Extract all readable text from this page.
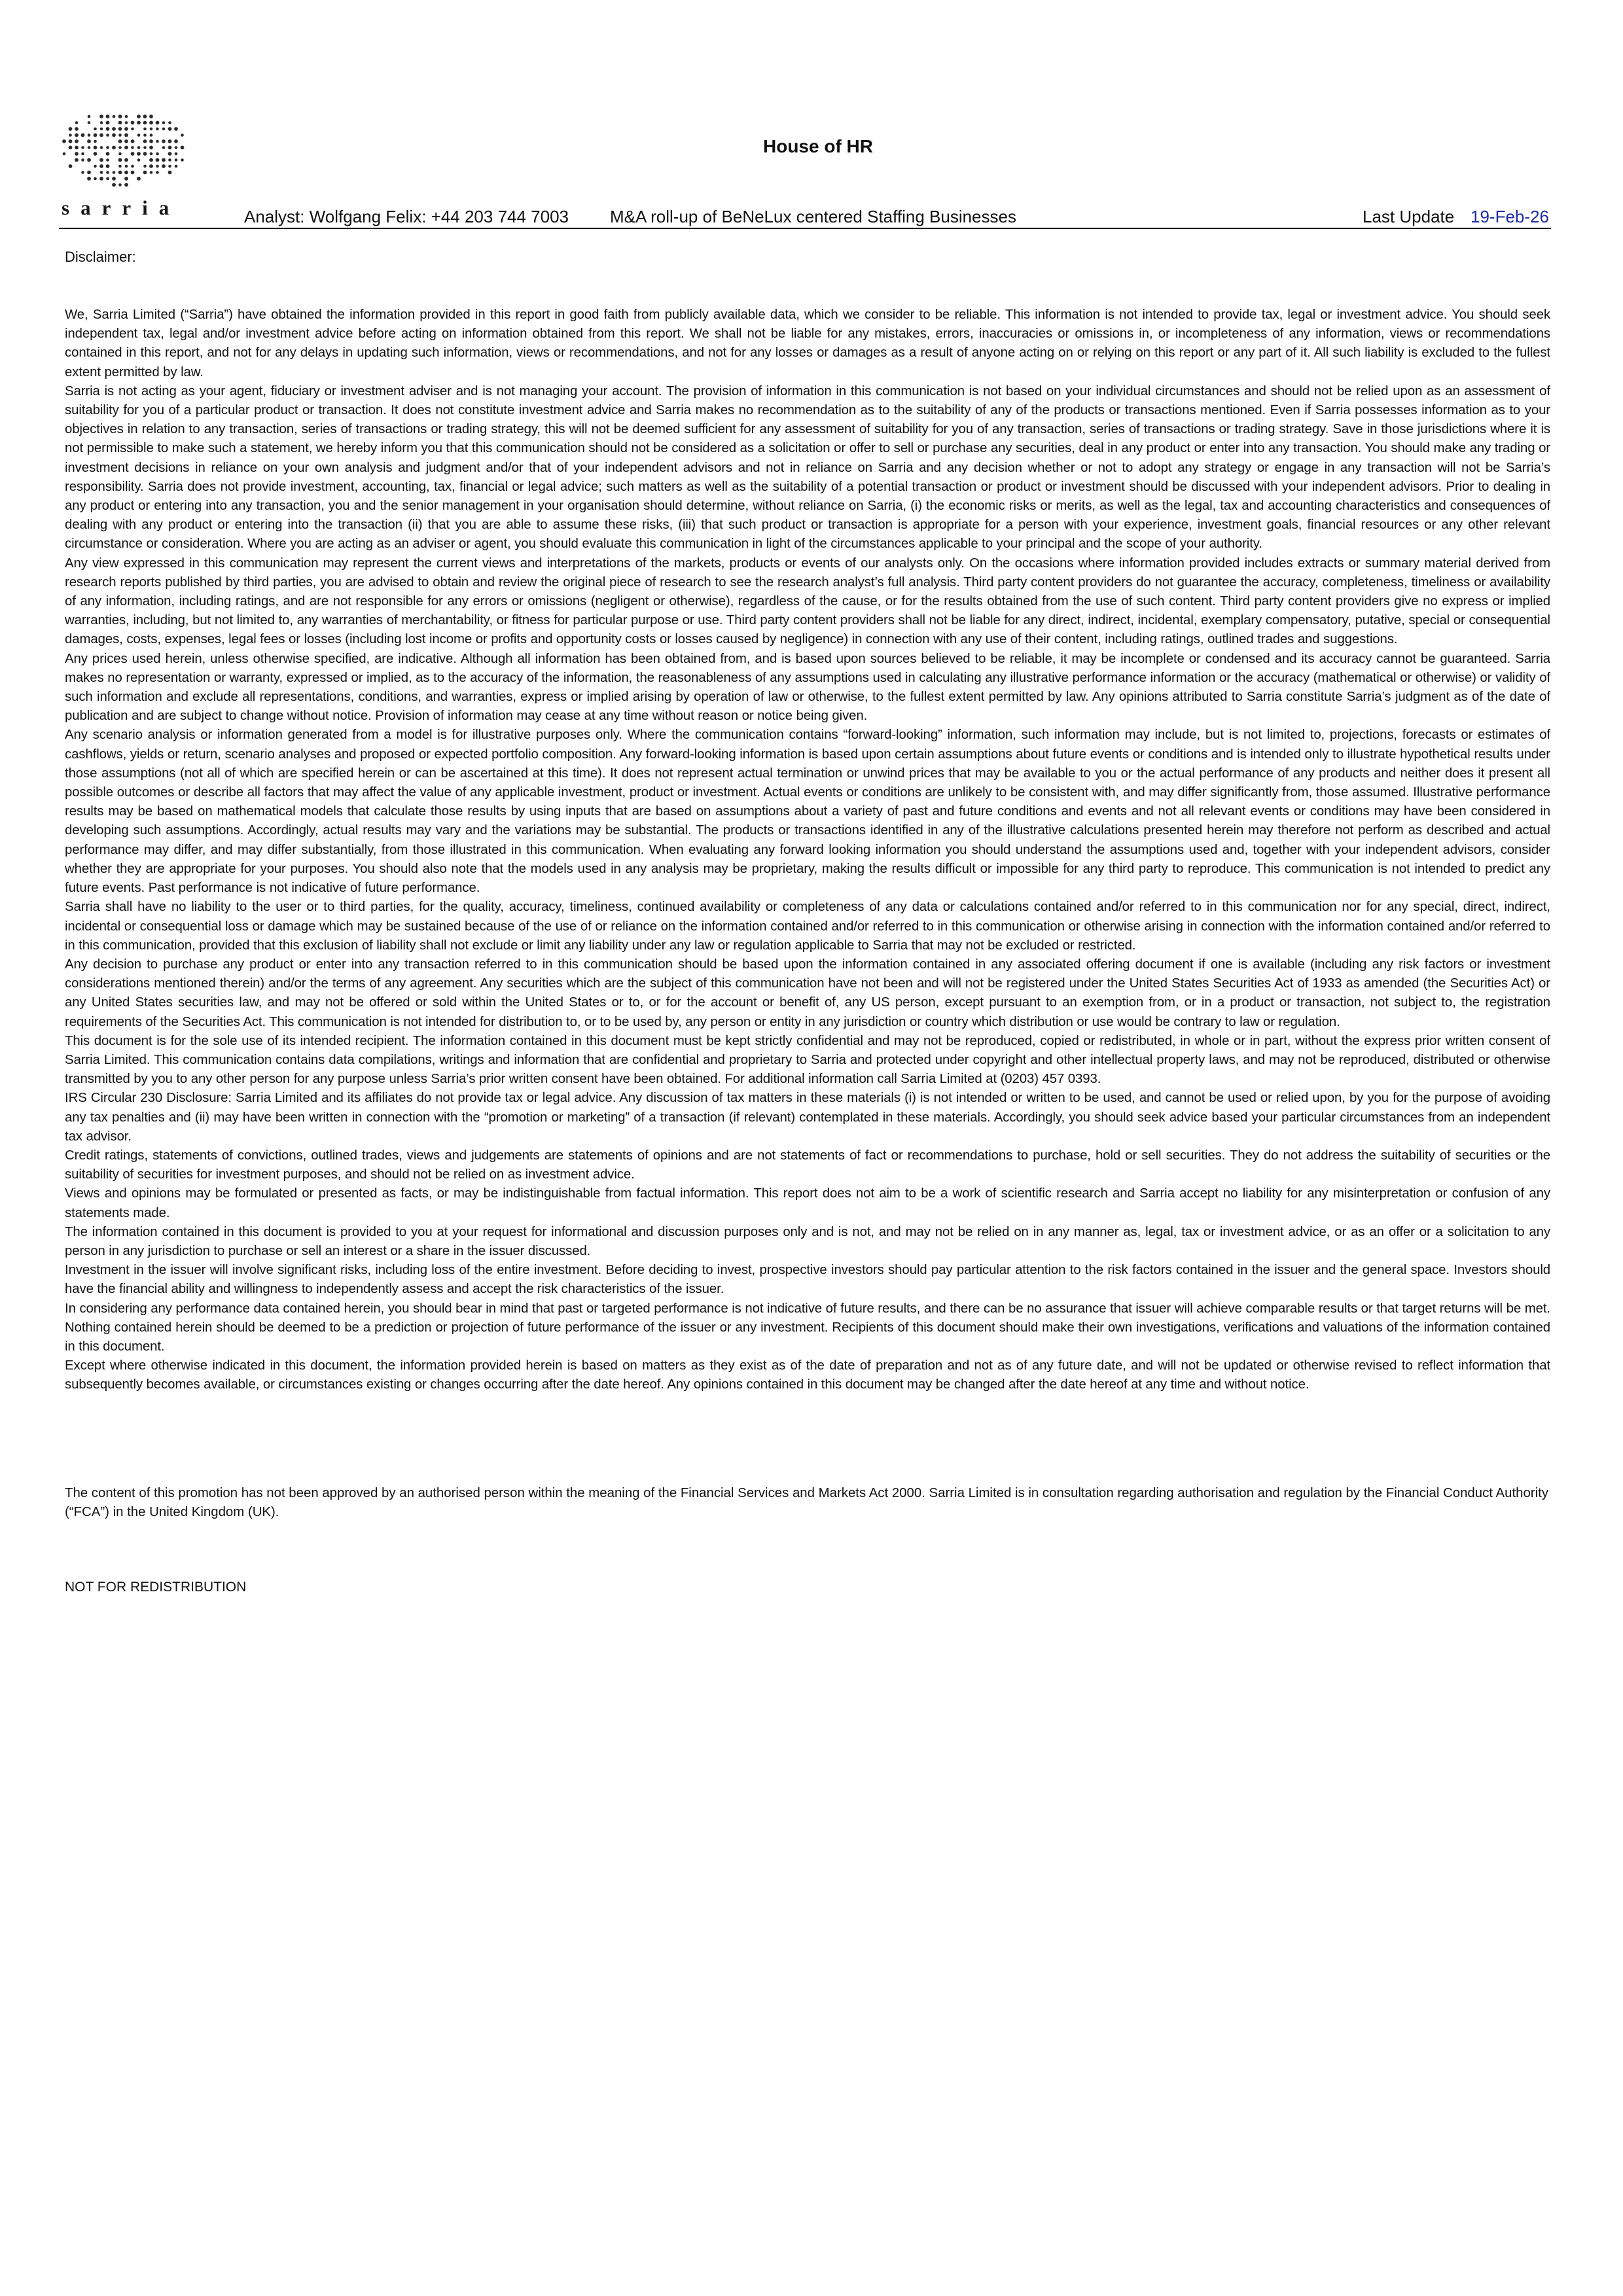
sarria
House of HR
Analyst: Wolfgang Felix: +44 203 744 7003 M&A roll-up of BeNeLux centered Staffing Businesses	Last Update 19-Feb-26
Disclaimer:

We, Sarria Limited (“Sarria”) have obtained the information provided in this report in good faith from publicly available data, which we consider to be reliable. This information is not intended to provide tax, legal or investment advice. You should seek independent tax, legal and/or investment advice before acting on information obtained from this report. We shall not be liable for any mistakes, errors, inaccuracies or omissions in, or incompleteness of any information, views or recommendations contained in this report, and not for any delays in updating such information, views or recommendations, and not for any losses or damages as a result of anyone acting on or relying on this report or any part of it. All such liability is excluded to the fullest extent permitted by law.

Sarria is not acting as your agent, fiduciary or investment adviser and is not managing your account. The provision of information in this communication is not based on your individual circumstances and should not be relied upon as an assessment of suitability for you of a particular product or transaction. It does not constitute investment advice and Sarria makes no recommendation as to the suitability of any of the products or transactions mentioned. Even if Sarria possesses information as to your objectives in relation to any transaction, series of transactions or trading strategy, this will not be deemed sufficient for any assessment of suitability for you of any transaction, series of transactions or trading strategy. Save in those jurisdictions where it is not permissible to make such a statement, we hereby inform you that this communication should not be considered as a solicitation or offer to sell or purchase any securities, deal in any product or enter into any transaction. You should make any trading or investment decisions in reliance on your own analysis and judgment and/or that of your independent advisors and not in reliance on Sarria and any decision whether or not to adopt any strategy or engage in any transaction will not be Sarria’s responsibility. Sarria does not provide investment, accounting, tax, financial or legal advice; such matters as well as the suitability of a potential transaction or product or investment should be discussed with your independent advisors. Prior to dealing in any product or entering into any transaction, you and the senior management in your organisation should determine, without reliance on Sarria, (i) the economic risks or merits, as well as the legal, tax and accounting characteristics and consequences of dealing with any product or entering into the transaction (ii) that you are able to assume these risks, (iii) that such product or transaction is appropriate for a person with your experience, investment goals, financial resources or any other relevant circumstance or consideration. Where you are acting as an adviser or agent, you should evaluate this communication in light of the circumstances applicable to your principal and the scope of your authority.

Any view expressed in this communication may represent the current views and interpretations of the markets, products or events of our analysts only. On the occasions where information provided includes extracts or summary material derived from research reports published by third parties, you are advised to obtain and review the original piece of research to see the research analyst’s full analysis. Third party content providers do not guarantee the accuracy, completeness, timeliness or availability of any information, including ratings, and are not responsible for any errors or omissions (negligent or otherwise), regardless of the cause, or for the results obtained from the use of such content. Third party content providers give no express or implied warranties, including, but not limited to, any warranties of merchantability, or fitness for particular purpose or use. Third party content providers shall not be liable for any direct, indirect, incidental, exemplary compensatory, putative, special or consequential damages, costs, expenses, legal fees or losses (including lost income or profits and opportunity costs or losses caused by negligence) in connection with any use of their content, including ratings, outlined trades and suggestions.

Any prices used herein, unless otherwise specified, are indicative. Although all information has been obtained from, and is based upon sources believed to be reliable, it may be incomplete or condensed and its accuracy cannot be guaranteed. Sarria makes no representation or warranty, expressed or implied, as to the accuracy of the information, the reasonableness of any assumptions used in calculating any illustrative performance information or the accuracy (mathematical or otherwise) or validity of such information and exclude all representations, conditions, and warranties, express or implied arising by operation of law or otherwise, to the fullest extent permitted by law. Any opinions attributed to Sarria constitute Sarria’s judgment as of the date of publication and are subject to change without notice. Provision of information may cease at any time without reason or notice being given.

Any scenario analysis or information generated from a model is for illustrative purposes only. Where the communication contains “forward-looking” information, such information may include, but is not limited to, projections, forecasts or estimates of cashflows, yields or return, scenario analyses and proposed or expected portfolio composition. Any forward-looking information is based upon certain assumptions about future events or conditions and is intended only to illustrate hypothetical results under those assumptions (not all of which are specified herein or can be ascertained at this time). It does not represent actual termination or unwind prices that may be available to you or the actual performance of any products and neither does it present all possible outcomes or describe all factors that may affect the value of any applicable investment, product or investment. Actual events or conditions are unlikely to be consistent with, and may differ significantly from, those assumed. Illustrative performance results may be based on mathematical models that calculate those results by using inputs that are based on assumptions about a variety of past and future conditions and events and not all relevant events or conditions may have been considered in developing such assumptions. Accordingly, actual results may vary and the variations may be substantial. The products or transactions identified in any of the illustrative calculations presented herein may therefore not perform as described and actual performance may differ, and may differ substantially, from those illustrated in this communication. When evaluating any forward looking information you should understand the assumptions used and, together with your independent advisors, consider whether they are appropriate for your purposes. You should also note that the models used in any analysis may be proprietary, making the results difficult or impossible for any third party to reproduce. This communication is not intended to predict any future events. Past performance is not indicative of future performance.

Sarria shall have no liability to the user or to third parties, for the quality, accuracy, timeliness, continued availability or completeness of any data or calculations contained and/or referred to in this communication nor for any special, direct, indirect, incidental or consequential loss or damage which may be sustained because of the use of or reliance on the information contained and/or referred to in this communication or otherwise arising in connection with the information contained and/or referred to in this communication, provided that this exclusion of liability shall not exclude or limit any liability under any law or regulation applicable to Sarria that may not be excluded or restricted.

Any decision to purchase any product or enter into any transaction referred to in this communication should be based upon the information contained in any associated offering document if one is available (including any risk factors or investment considerations mentioned therein) and/or the terms of any agreement. Any securities which are the subject of this communication have not been and will not be registered under the United States Securities Act of 1933 as amended (the Securities Act) or any United States securities law, and may not be offered or sold within the United States or to, or for the account or benefit of, any US person, except pursuant to an exemption from, or in a product or transaction, not subject to, the registration requirements of the Securities Act. This communication is not intended for distribution to, or to be used by, any person or entity in any jurisdiction or country which distribution or use would be contrary to law or regulation.

This document is for the sole use of its intended recipient. The information contained in this document must be kept strictly confidential and may not be reproduced, copied or redistributed, in whole or in part, without the express prior written consent of Sarria Limited. This communication contains data compilations, writings and information that are confidential and proprietary to Sarria and protected under copyright and other intellectual property laws, and may not be reproduced, distributed or otherwise transmitted by you to any other person for any purpose unless Sarria’s prior written consent have been obtained. For additional information call Sarria Limited at (0203) 457 0393.

IRS Circular 230 Disclosure: Sarria Limited and its affiliates do not provide tax or legal advice. Any discussion of tax matters in these materials (i) is not intended or written to be used, and cannot be used or relied upon, by you for the purpose of avoiding any tax penalties and (ii) may have been written in connection with the “promotion or marketing” of a transaction (if relevant) contemplated in these materials. Accordingly, you should seek advice based your particular circumstances from an independent tax advisor.

Credit ratings, statements of convictions, outlined trades, views and judgements are statements of opinions and are not statements of fact or recommendations to purchase, hold or sell securities. They do not address the suitability of securities or the suitability of securities for investment purposes, and should not be relied on as investment advice.

Views and opinions may be formulated or presented as facts, or may be indistinguishable from factual information. This report does not aim to be a work of scientific research and Sarria accept no liability for any misinterpretation or confusion of any statements made.

The information contained in this document is provided to you at your request for informational and discussion purposes only and is not, and may not be relied on in any manner as, legal, tax or investment advice, or as an offer or a solicitation to any person in any jurisdiction to purchase or sell an interest or a share in the issuer discussed.

Investment in the issuer will involve significant risks, including loss of the entire investment. Before deciding to invest, prospective investors should pay particular attention to the risk factors contained in the issuer and the general space. Investors should have the financial ability and willingness to independently assess and accept the risk characteristics of the issuer.

In considering any performance data contained herein, you should bear in mind that past or targeted performance is not indicative of future results, and there can be no assurance that issuer will achieve comparable results or that target returns will be met. Nothing contained herein should be deemed to be a prediction or projection of future performance of the issuer or any investment. Recipients of this document should make their own investigations, verifications and valuations of the information contained in this document.

Except where otherwise indicated in this document, the information provided herein is based on matters as they exist as of the date of preparation and not as of any future date, and will not be updated or otherwise revised to reflect information that subsequently becomes available, or circumstances existing or changes occurring after the date hereof. Any opinions contained in this document may be changed after the date hereof at any time and without notice.

The content of this promotion has not been approved by an authorised person within the meaning of the Financial Services and Markets Act 2000. Sarria Limited is in consultation regarding authorisation and regulation by the Financial Conduct Authority (“FCA”) in the United Kingdom (UK).

NOT FOR REDISTRIBUTION
